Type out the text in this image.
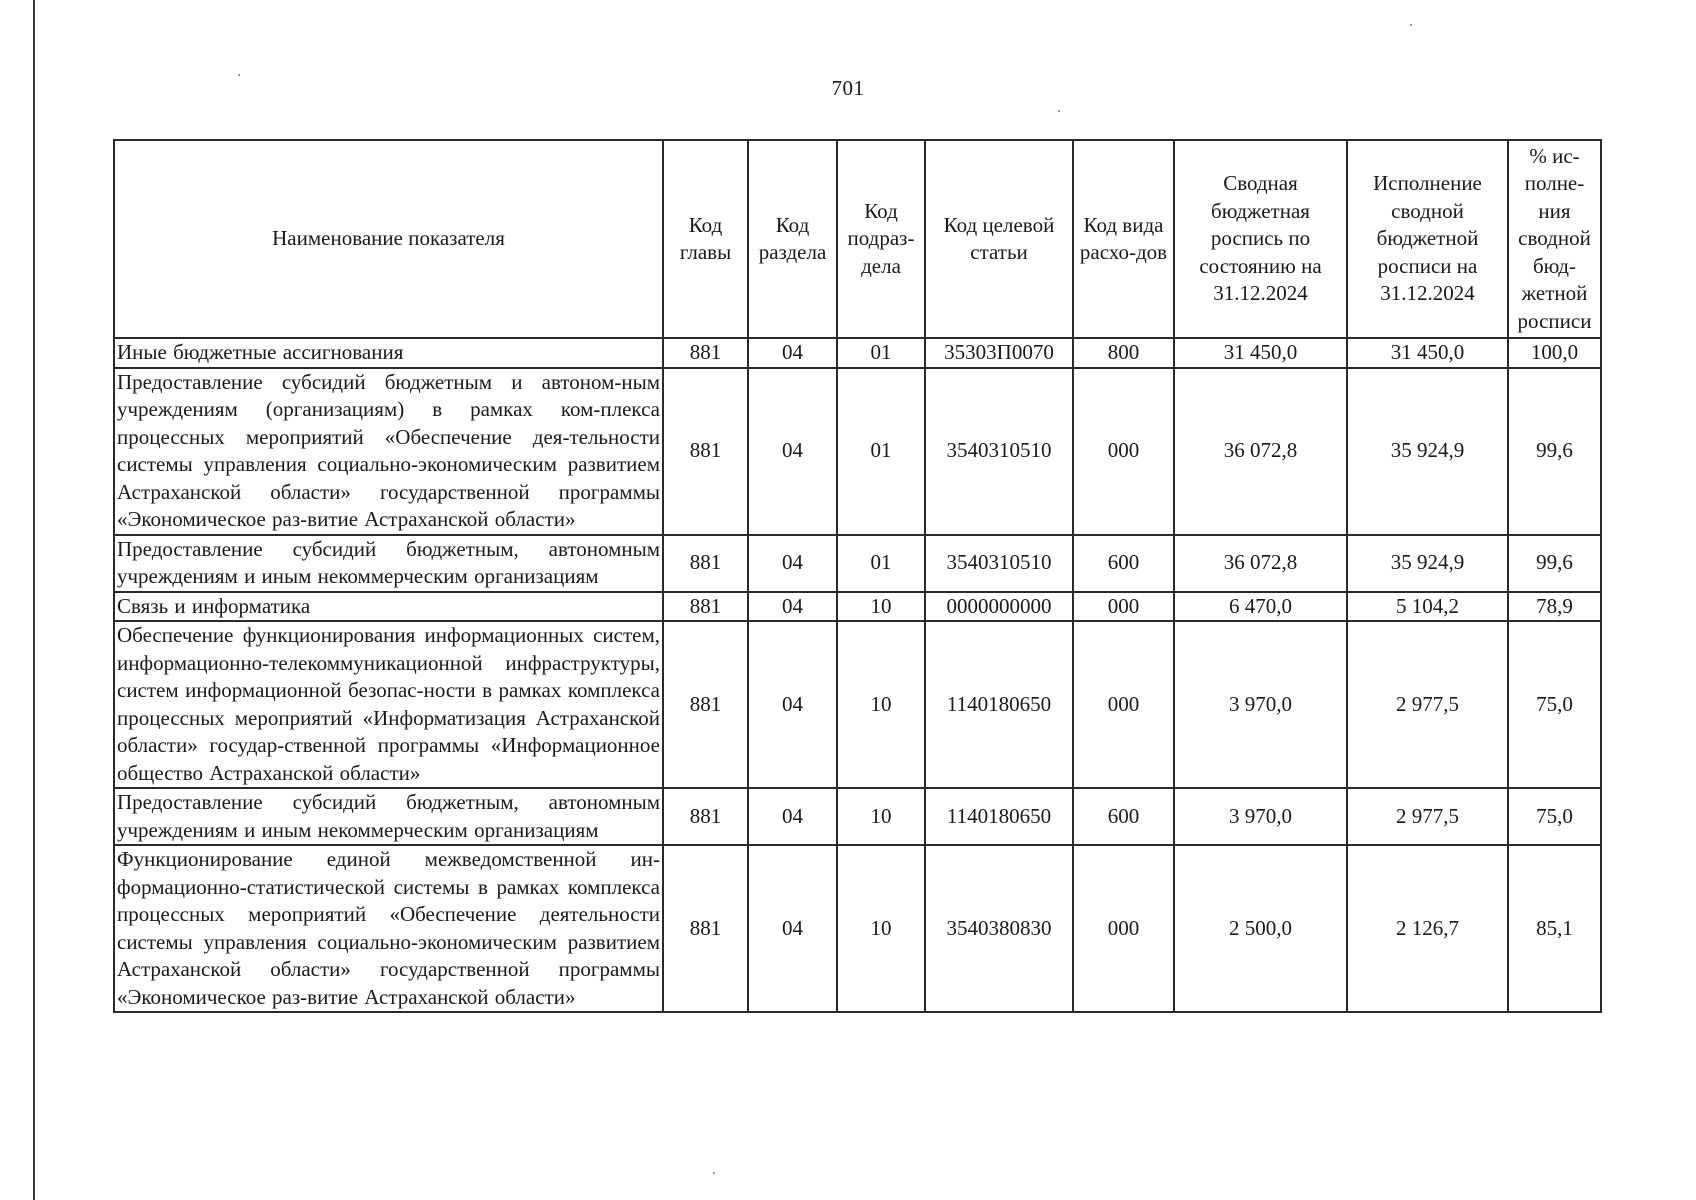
701
Наименование показателя	Код главы	Код раздела	Код подраз-дела	Код целевой статьи	Код вида расхо-дов	Сводная бюджетная роспись по состоянию на 31.12.2024	Исполнение сводной бюджетной росписи на 31.12.2024	% ис-полне-ния сводной бюд-жетной росписи
Иные бюджетные ассигнования	881	04	01	35303П0070	800	31 450,0	31 450,0	100,0
Предоставление субсидий бюджетным и автоном-ным учреждениям (организациям) в рамках ком-плекса процессных мероприятий «Обеспечение дея-тельности системы управления социально-экономическим развитием Астраханской области» государственной программы «Экономическое раз-витие Астраханской области»	881	04	01	3540310510	000	36 072,8	35 924,9	99,6
Предоставление субсидий бюджетным, автономным учреждениям и иным некоммерческим организациям	881	04	01	3540310510	600	36 072,8	35 924,9	99,6
Связь и информатика	881	04	10	0000000000	000	6 470,0	5 104,2	78,9
Обеспечение функционирования информационных систем, информационно-телекоммуникационной инфраструктуры, систем информационной безопас-ности в рамках комплекса процессных мероприятий «Информатизация Астраханской области» государ-ственной программы «Информационное общество Астраханской области»	881	04	10	1140180650	000	3 970,0	2 977,5	75,0
Предоставление субсидий бюджетным, автономным учреждениям и иным некоммерческим организациям	881	04	10	1140180650	600	3 970,0	2 977,5	75,0
Функционирование единой межведомственной ин-формационно-статистической системы в рамках комплекса процессных мероприятий «Обеспечение деятельности системы управления социально-экономическим развитием Астраханской области» государственной программы «Экономическое раз-витие Астраханской области»	881	04	10	3540380830	000	2 500,0	2 126,7	85,1
